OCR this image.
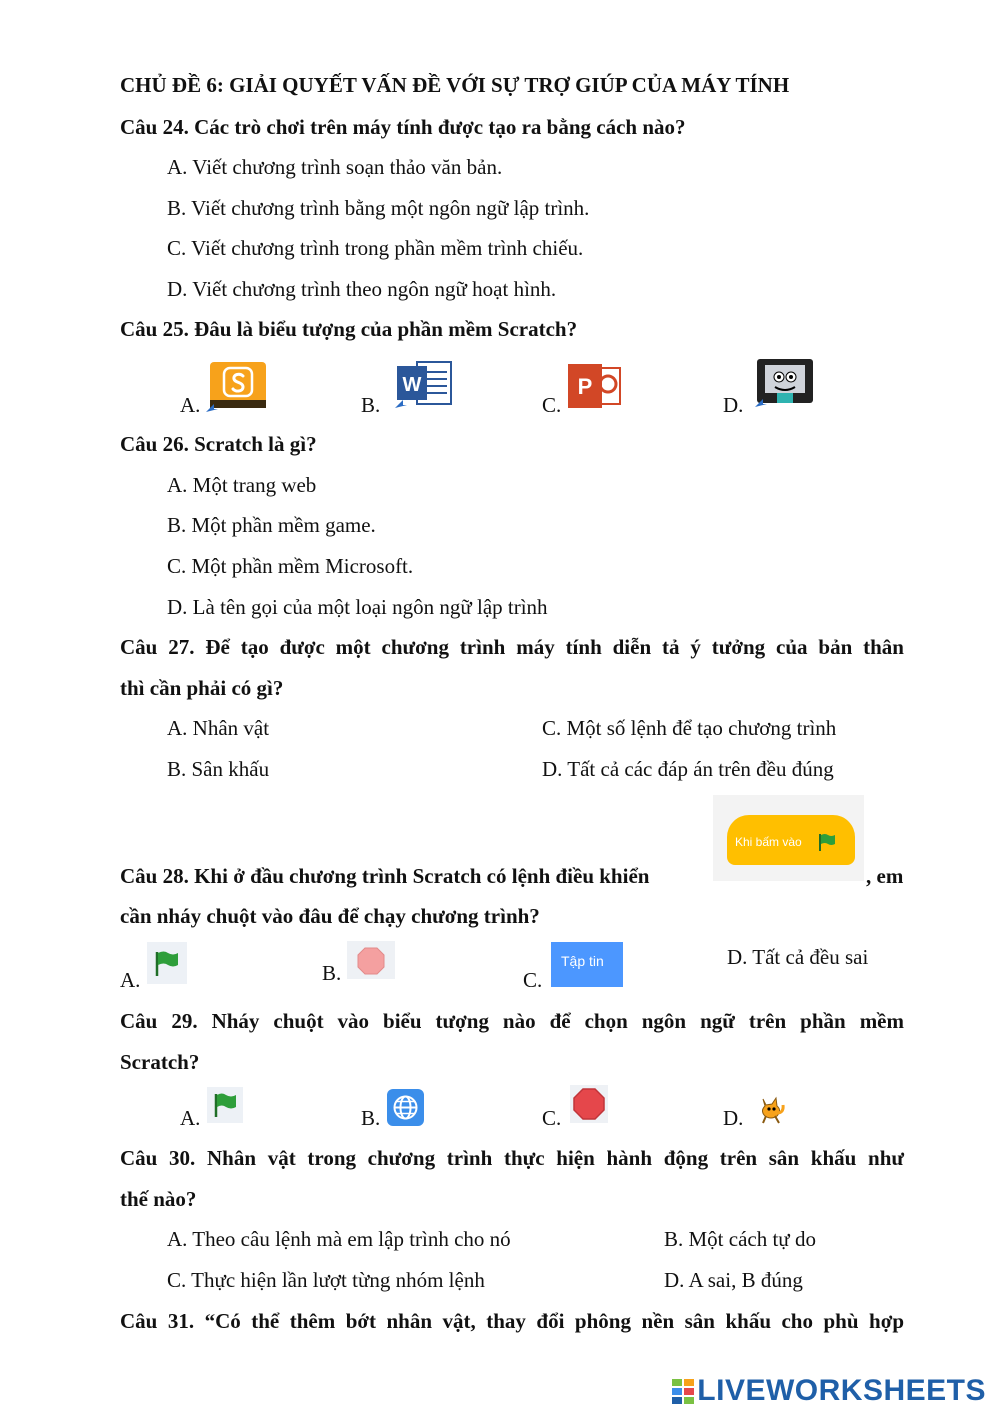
CHỦ ĐỀ 6: GIẢI QUYẾT VẤN ĐỀ VỚI SỰ TRỢ GIÚP CỦA MÁY TÍNH
Câu 24. Các trò chơi trên máy tính được tạo ra bằng cách nào?
A. Viết chương trình soạn thảo văn bản.
B. Viết chương trình bằng một ngôn ngữ lập trình.
C. Viết chương trình trong phần mềm trình chiếu.
D. Viết chương trình theo ngôn ngữ hoạt hình.
Câu 25. Đâu là biểu tượng của phần mềm Scratch?
A.	B.
W
C.
P
D.
Câu 26. Scratch là gì?
A. Một trang web
B. Một phần mềm game.
C. Một phần mềm Microsoft.
D. Là tên gọi của một loại ngôn ngữ lập trình
Câu 27. Để tạo được một chương trình máy tính diễn tả ý tưởng của bản thân
thì cần phải có gì?
A. Nhân vật	C. Một số lệnh để tạo chương trình
B. Sân khấu	D. Tất cả các đáp án trên đều đúng
Khi bấm vào
Câu 28. Khi ở đầu chương trình Scratch có lệnh điều khiển	, em
cần nháy chuột vào đâu để chạy chương trình?
A.	B.	C.
Tập tin	D. Tất cả đều sai
Câu 29. Nháy chuột vào biểu tượng nào để chọn ngôn ngữ trên phần mềm
Scratch?
A.	B.	C.	D.
Câu 30. Nhân vật trong chương trình thực hiện hành động trên sân khấu như
thế nào?
A. Theo câu lệnh mà em lập trình cho nó	B. Một cách tự do
C. Thực hiện lần lượt từng nhóm lệnh	D. A sai, B đúng
Câu 31. “Có thể thêm bớt nhân vật, thay đổi phông nền sân khấu cho phù hợp
LIVEWORKSHEETS
